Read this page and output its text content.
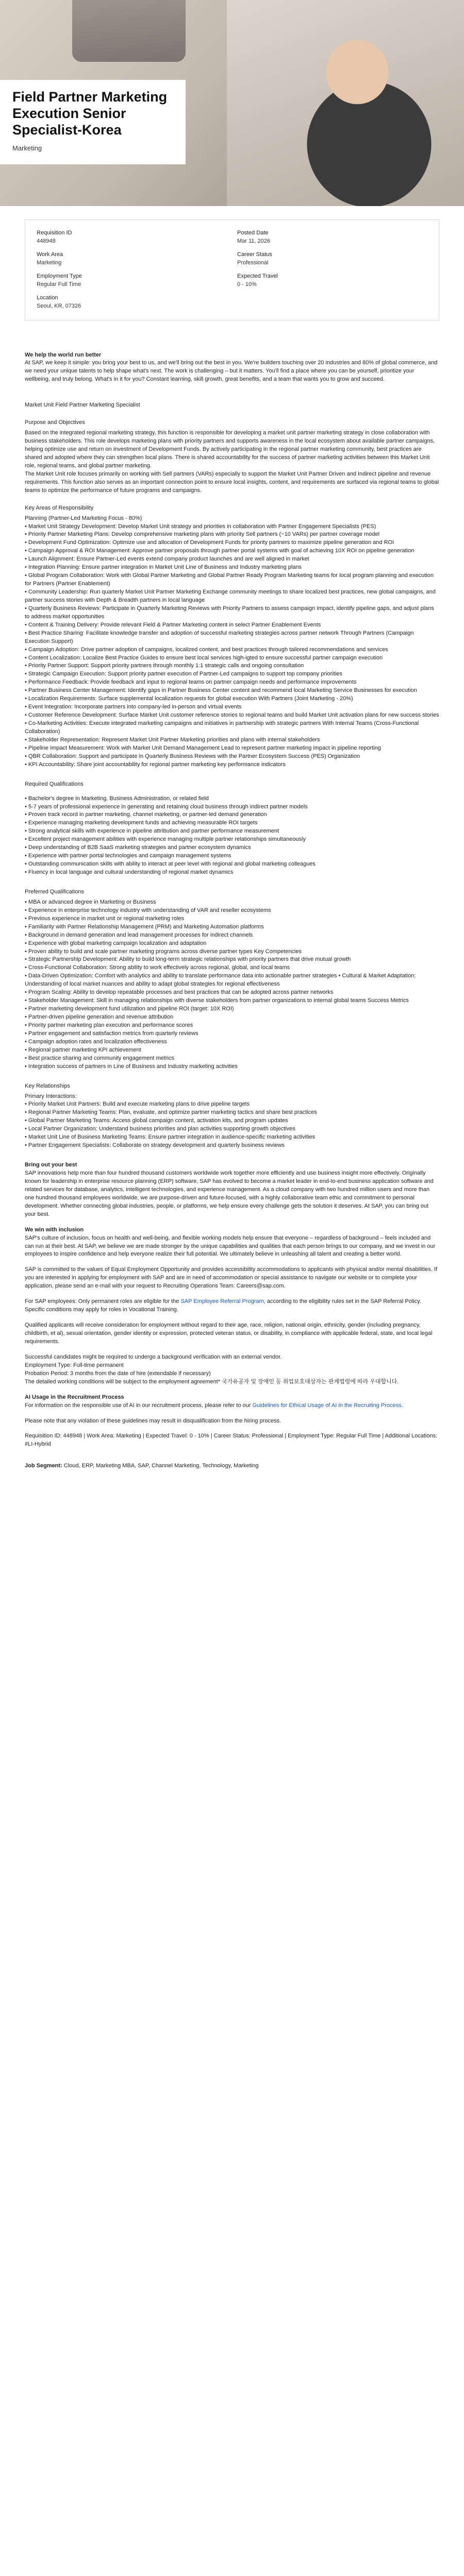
Field Partner Marketing Execution Senior Specialist-Korea
Marketing
Requisition ID
448948
Posted Date
Mar 11, 2026
Work Area
Marketing
Career Status
Professional
Employment Type
Regular Full Time
Expected Travel
0 - 10%
Location
Seoul, KR, 07326

We help the world run better

At SAP, we keep it simple: you bring your best to us, and we'll bring out the best in you. We're builders touching over 20 industries and 80% of global commerce, and we need your unique talents to help shape what's next. The work is challenging – but it matters. You'll find a place where you can be yourself, prioritize your wellbeing, and truly belong. What's in it for you? Constant learning, skill growth, great benefits, and a team that wants you to grow and succeed.

Market Unit Field Partner Marketing Specialist

Purpose and Objectives

Based on the integrated regional marketing strategy, this function is responsible for developing a market unit partner marketing strategy in close collaboration with business stakeholders. This role develops marketing plans with priority partners and supports awareness in the local ecosystem about available partner campaigns, helping optimize use and return on investment of Development Funds. By actively participating in the regional partner marketing community, best practices are shared and adopted where they can strengthen local plans. There is shared accountability for the success of partner marketing activities between this Market Unit role, regional teams, and global partner marketing.

The Market Unit role focuses primarily on working with Sell partners (VARs) especially to support the Market Unit Partner Driven and Indirect pipeline and revenue requirements. This function also serves as an important connection point to ensure local insights, content, and requirements are surfaced via regional teams to global teams to optimize the performance of future programs and campaigns.

Key Areas of Responsibility
Planning (Partner-Led Marketing Focus - 80%)
• Market Unit Strategy Development: Develop Market Unit strategy and priorities in collaboration with Partner Engagement Specialists (PES)
• Priority Partner Marketing Plans: Develop comprehensive marketing plans with priority Sell partners (~10 VARs) per partner coverage model
• Development Fund Optimization: Optimize use and allocation of Development Funds for priority partners to maximize pipeline generation and ROI
• Campaign Approval & ROI Management: Approve partner proposals through partner portal systems with goal of achieving 10X ROI on pipeline generation
• Launch Alignment: Ensure Partner-Led events extend company product launches and are well aligned in market
• Integration Planning: Ensure partner integration in Market Unit Line of Business and Industry marketing plans
• Global Program Collaboration: Work with Global Partner Marketing and Global Partner Ready Program Marketing teams for local program planning and execution for Partners (Partner Enablement)
• Community Leadership: Run quarterly Market Unit Partner Marketing Exchange community meetings to share localized best practices, new global campaigns, and partner success stories with Depth & Breadth partners in local language
• Quarterly Business Reviews: Participate in Quarterly Marketing Reviews with Priority Partners to assess campaign impact, identify pipeline gaps, and adjust plans to address market opportunities
• Content & Training Delivery: Provide relevant Field & Partner Marketing content in select Partner Enablement Events
• Best Practice Sharing: Facilitate knowledge transfer and adoption of successful marketing strategies across partner network Through Partners (Campaign Execution Support)
• Campaign Adoption: Drive partner adoption of campaigns, localized content, and best practices through tailored recommendations and services
• Content Localization: Localize Best Practice Guides to ensure best local services high-igted to ensure successful partner campaign execution
• Priority Partner Support: Support priority partners through monthly 1:1 strategic calls and ongoing consultation
• Strategic Campaign Execution: Support priority partner execution of Partner-Led campaigns to support top company priorities
• Performance Feedback: Provide feedback and input to regional teams on partner campaign needs and performance improvements
• Partner Business Center Management: Identify gaps in Partner Business Center content and recommend local Marketing Service Businesses for execution
• Localization Requirements: Surface supplemental localization requests for global execution With Partners (Joint Marketing - 20%)
• Event Integration: Incorporate partners into company-led in-person and virtual events
• Customer Reference Development: Surface Market Unit customer reference stories to regional teams and build Market Unit activation plans for new success stories
• Co-Marketing Activities: Execute integrated marketing campaigns and initiatives in partnership with strategic partners With Internal Teams (Cross-Functional Collaboration)
• Stakeholder Representation: Represent Market Unit Partner Marketing priorities and plans with internal stakeholders
• Pipeline Impact Measurement: Work with Market Unit Demand Management Lead to represent partner marketing impact in pipeline reporting
• QBR Collaboration: Support and participate in Quarterly Business Reviews with the Partner Ecosystem Success (PES) Organization
• KPI Accountability: Share joint accountability for regional partner marketing key performance indicators
Required Qualifications
• Bachelor's degree in Marketing, Business Administration, or related field
• 5-7 years of professional experience in generating and retaining cloud business through indirect partner models
• Proven track record in partner marketing, channel marketing, or partner-led demand generation
• Experience managing marketing development funds and achieving measurable ROI targets
• Strong analytical skills with experience in pipeline attribution and partner performance measurement
• Excellent project management abilities with experience managing multiple partner relationships simultaneously
• Deep understanding of B2B SaaS marketing strategies and partner ecosystem dynamics
• Experience with partner portal technologies and campaign management systems
• Outstanding communication skills with ability to interact at peer level with regional and global marketing colleagues
• Fluency in local language and cultural understanding of regional market dynamics
Preferred Qualifications
• MBA or advanced degree in Marketing or Business
• Experience in enterprise technology industry with understanding of VAR and reseller ecosystems
• Previous experience in market unit or regional marketing roles
• Familiarity with Partner Relationship Management (PRM) and Marketing Automation platforms
• Background in demand generation and lead management processes for indirect channels
• Experience with global marketing campaign localization and adaptation
• Proven ability to build and scale partner marketing programs across diverse partner types Key Competencies
• Strategic Partnership Development: Ability to build long-term strategic relationships with priority partners that drive mutual growth
• Cross-Functional Collaboration: Strong ability to work effectively across regional, global, and local teams
• Data-Driven Optimization: Comfort with analytics and ability to translate performance data into actionable partner strategies • Cultural & Market Adaptation: Understanding of local market nuances and ability to adapt global strategies for regional effectiveness
• Program Scaling: Ability to develop repeatable processes and best practices that can be adopted across partner networks
• Stakeholder Management: Skill in managing relationships with diverse stakeholders from partner organizations to internal global teams Success Metrics
• Partner marketing development fund utilization and pipeline ROI (target: 10X ROI)
• Partner-driven pipeline generation and revenue attribution
• Priority partner marketing plan execution and performance scores
• Partner engagement and satisfaction metrics from quarterly reviews
• Campaign adoption rates and localization effectiveness
• Regional partner marketing KPI achievement
• Best practice sharing and community engagement metrics
• Integration success of partners in Line of Business and Industry marketing activities
Key Relationships
Primary Interactions:
• Priority Market Unit Partners: Build and execute marketing plans to drive pipeline targets
• Regional Partner Marketing Teams: Plan, evaluate, and optimize partner marketing tactics and share best practices
• Global Partner Marketing Teams: Access global campaign content, activation kits, and program updates
• Local Partner Organization: Understand business priorities and plan activities supporting growth objectives
• Market Unit Line of Business Marketing Teams: Ensure partner integration in audience-specific marketing activities
• Partner Engagement Specialists: Collaborate on strategy development and quarterly business reviews

Bring out your best

SAP innovations help more than four hundred thousand customers worldwide work together more efficiently and use business insight more effectively. Originally known for leadership in enterprise resource planning (ERP) software, SAP has evolved to become a market leader in end-to-end business application software and related services for database, analytics, intelligent technologies, and experience management. As a cloud company with two hundred million users and more than one hundred thousand employees worldwide, we are purpose-driven and future-focused, with a highly collaborative team ethic and commitment to personal development. Whether connecting global industries, people, or platforms, we help ensure every challenge gets the solution it deserves. At SAP, you can bring out your best.

We win with inclusion

SAP's culture of inclusion, focus on health and well-being, and flexible working models help ensure that everyone – regardless of background – feels included and can run at their best. At SAP, we believe we are made stronger by the unique capabilities and qualities that each person brings to our company, and we invest in our employees to inspire confidence and help everyone realize their full potential. We ultimately believe in unleashing all talent and creating a better world.

SAP is committed to the values of Equal Employment Opportunity and provides accessibility accommodations to applicants with physical and/or mental disabilities. If you are interested in applying for employment with SAP and are in need of accommodation or special assistance to navigate our website or to complete your application, please send an e-mail with your request to Recruiting Operations Team: Careers@sap.com.

For SAP employees: Only permanent roles are eligible for the SAP Employee Referral Program, according to the eligibility rules set in the SAP Referral Policy. Specific conditions may apply for roles in Vocational Training.

Qualified applicants will receive consideration for employment without regard to their age, race, religion, national origin, ethnicity, gender (including pregnancy, childbirth, et al), sexual orientation, gender identity or expression, protected veteran status, or disability, in compliance with applicable federal, state, and local legal requirements.

Successful candidates might be required to undergo a background verification with an external vendor.
Employment Type: Full-time permanent
Probation Period: 3 months from the date of hire (extendable if necessary)
The detailed working conditions will be subject to the employment agreement* 국가유공자 및 장애인 등 취업보호대상자는 관계법령에 따라 우대합니다.

AI Usage in the Recruitment Process

For information on the responsible use of AI in our recruitment process, please refer to our Guidelines for Ethical Usage of AI in the Recruiting Process.

Please note that any violation of these guidelines may result in disqualification from the hiring process.

Requisition ID: 448948 | Work Area: Marketing | Expected Travel: 0 - 10% | Career Status: Professional | Employment Type: Regular Full Time | Additional Locations: #LI-Hybrid

Job Segment: Cloud, ERP, Marketing MBA, SAP, Channel Marketing, Technology, Marketing
